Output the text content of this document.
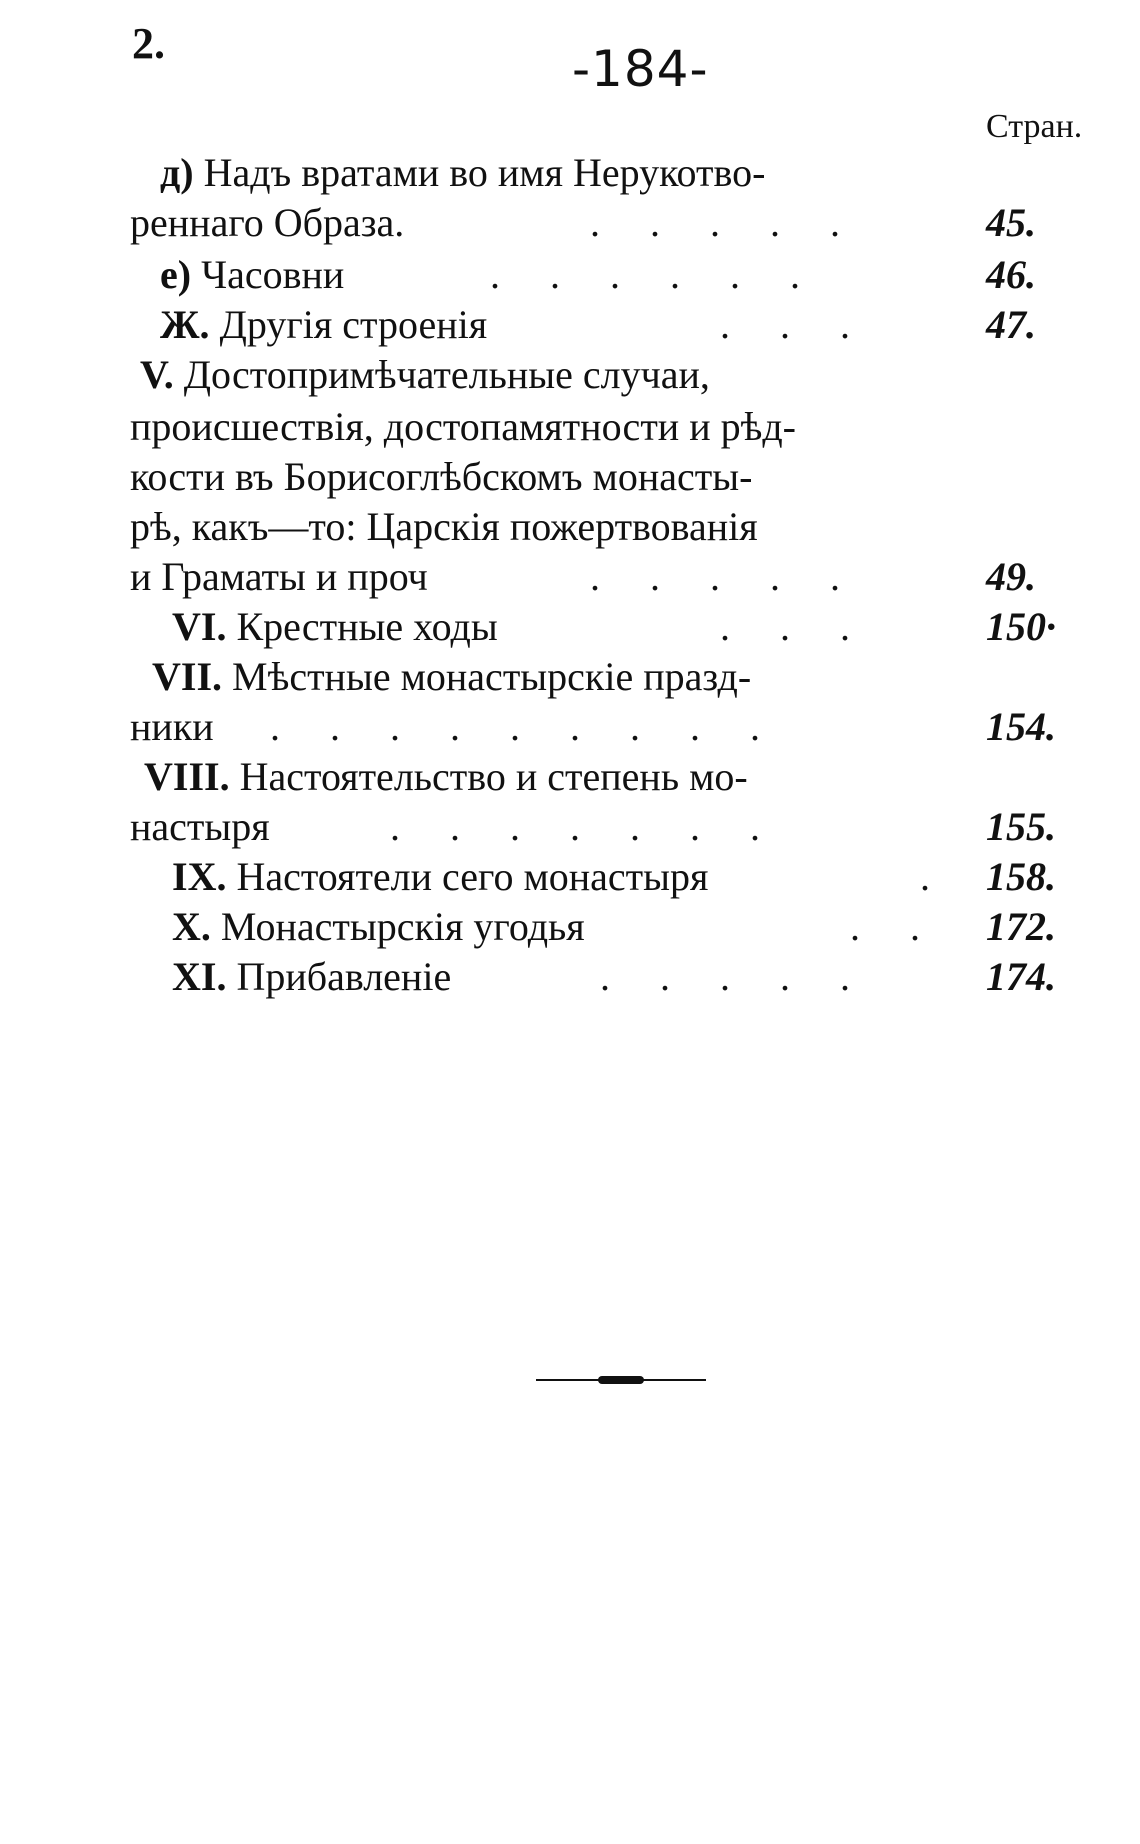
2.	-184-
Стран.
д) Надъ вратами во имя Нерукотво-
реннаго Образа.	.     .     .     .     .	45.
е) Часовни	.     .     .     .     .     .	46.
Ж. Другія строенія	.     .     .	47.
V. Достопримѣчательные случаи,
происшествія, достопамятности и рѣд-
кости въ Борисоглѣбскомъ монасты-
рѣ, какъ—то: Царскія пожертвованія
и Граматы и проч	.     .     .     .     .	49.
VI. Крестные ходы	.     .     .	150·
VII. Мѣстные монастырскіе празд-
ники .     .     .     .     .     .     .     .     .	154.
VIII. Настоятельство и степень мо-
настыря	.     .     .     .     .     .     .	155.
IX. Настоятели сего монастыря	. 158.
X. Монастырскія угодья	.     . 172.
XI. Прибавленіе	.     .     .     .     .	174.
